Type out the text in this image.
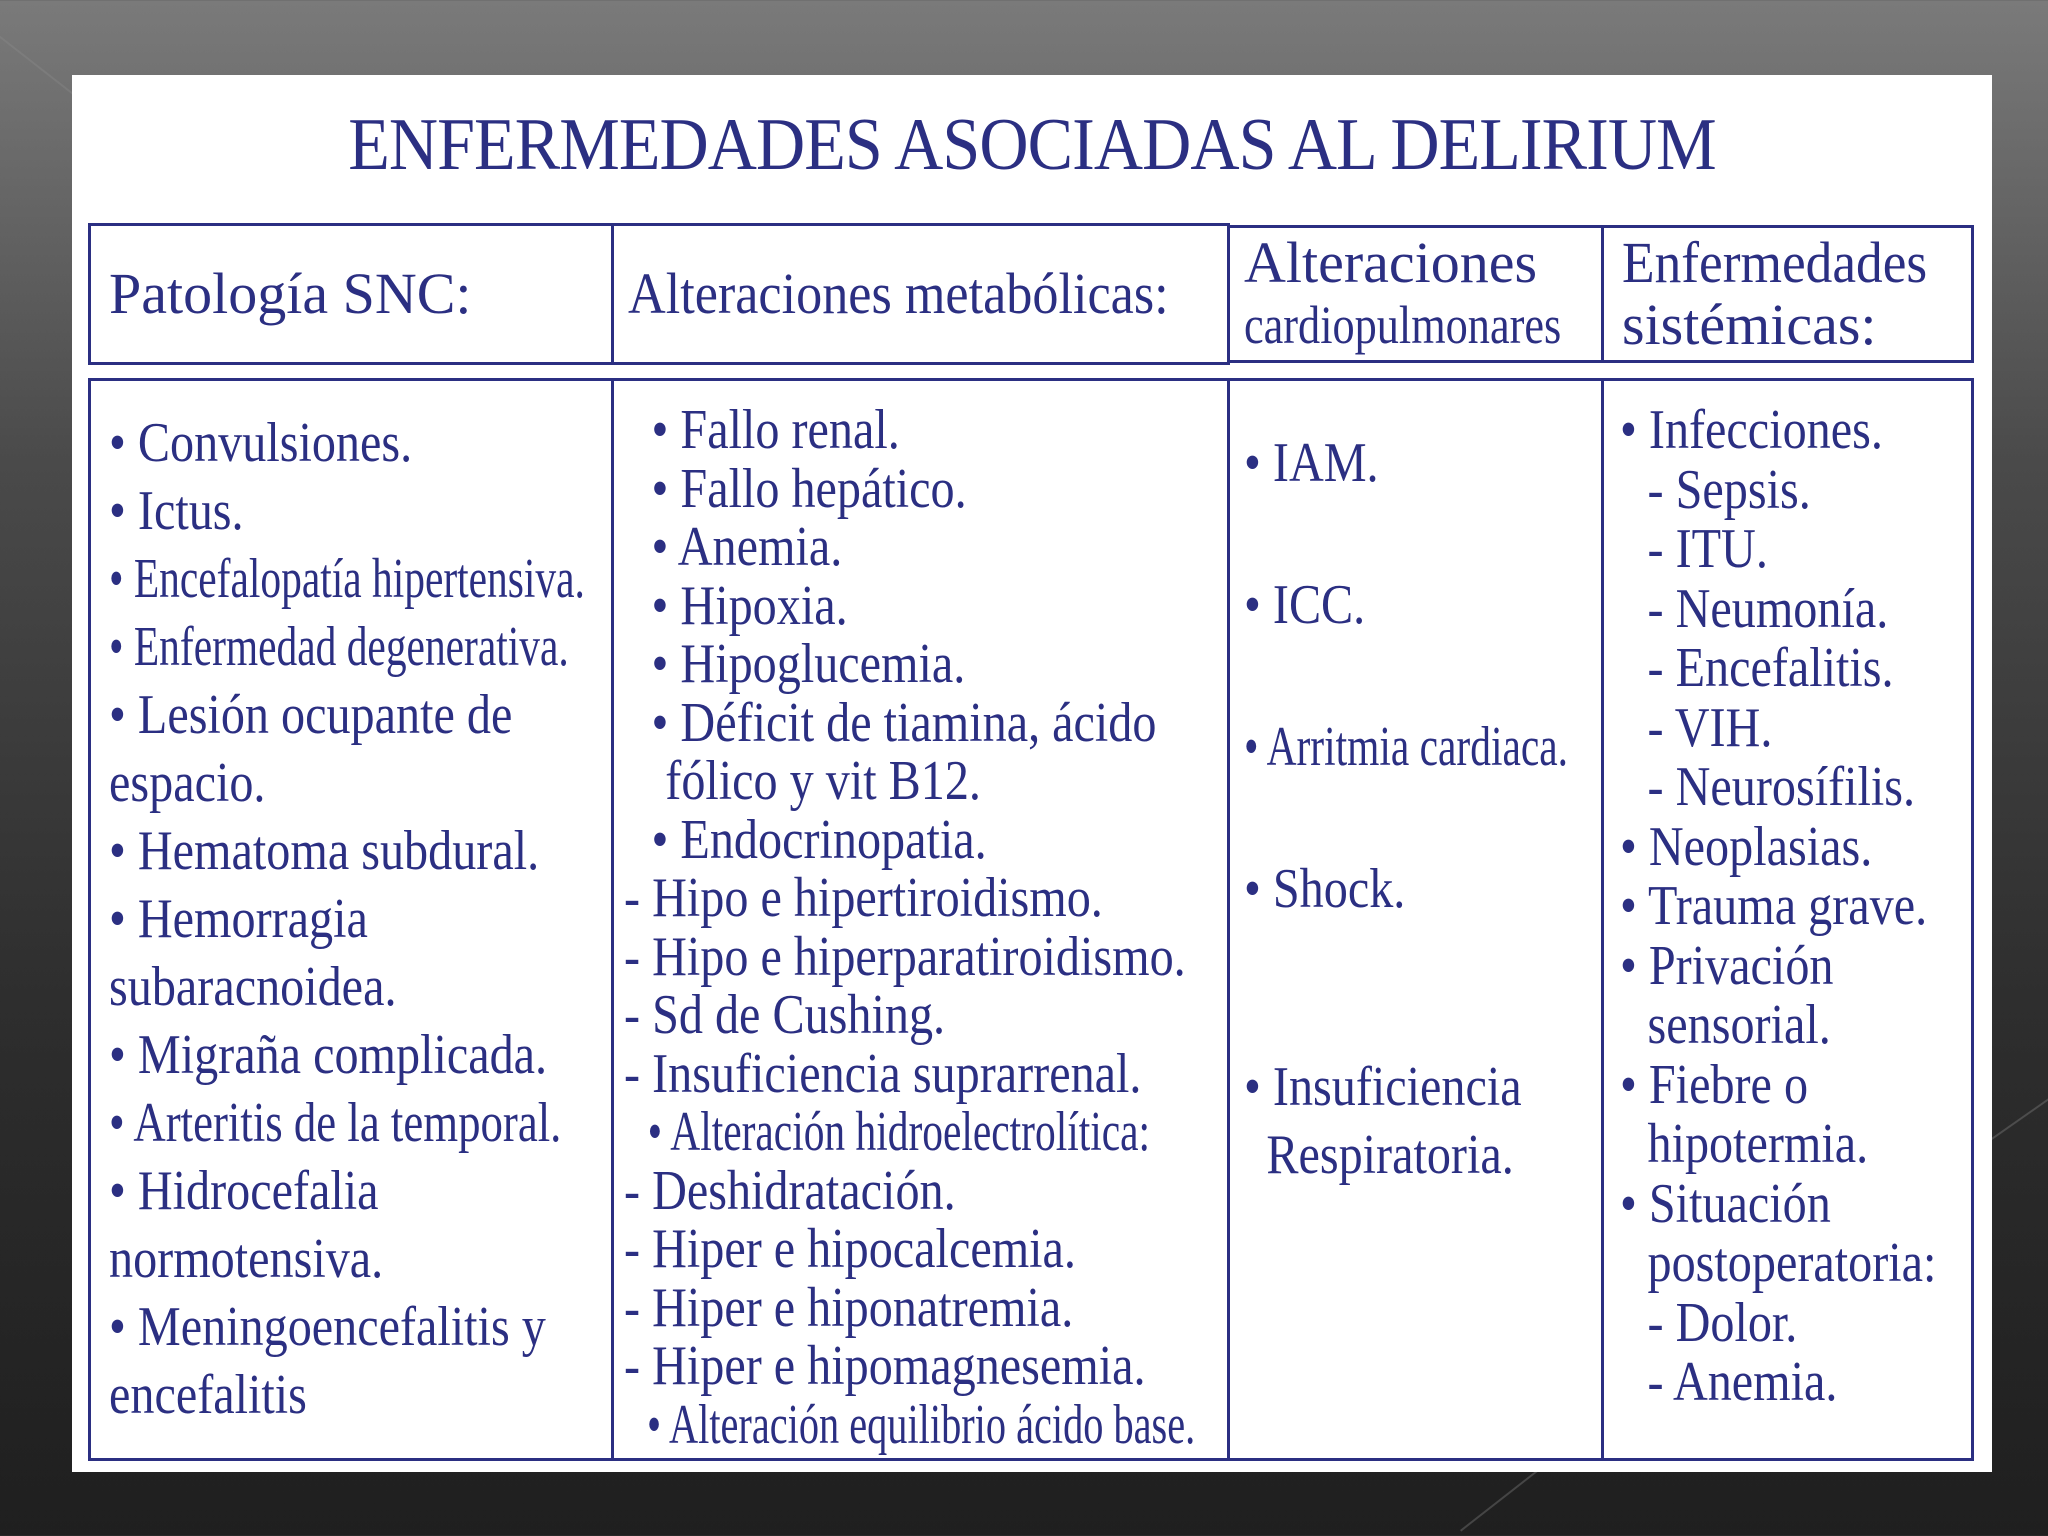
ENFERMEDADES ASOCIADAS AL DELIRIUM
Patología SNC:	Alteraciones metabólicas: Alteraciones
cardiopulmonares
Enfermedades
sistémicas:
• Convulsiones.
• Ictus.
• Encefalopatía hipertensiva.
• Enfermedad degenerativa.
• Lesión ocupante de
espacio.
• Hematoma subdural.
• Hemorragia
subaracnoidea.
• Migraña complicada.
• Arteritis de la temporal.
• Hidrocefalia
normotensiva.
• Meningoencefalitis y
encefalitis
• Fallo renal.
• Fallo hepático.
• Anemia.
• Hipoxia.
• Hipoglucemia.
• Déficit de tiamina, ácido
fólico y vit B12.
• Endocrinopatia.
- Hipo e hipertiroidismo.
- Hipo e hiperparatiroidismo.
- Sd de Cushing.
- Insuficiencia suprarrenal.
• Alteración hidroelectrolítica:
- Deshidratación.
- Hiper e hipocalcemia.
- Hiper e hiponatremia.
- Hiper e hipomagnesemia.
• Alteración equilibrio ácido base.
• IAM.
• ICC.
• Arritmia cardiaca.
• Shock.
• Insuficiencia
Respiratoria.
• Infecciones.
- Sepsis.
- ITU.
- Neumonía.
- Encefalitis.
- VIH.
- Neurosífilis.
• Neoplasias.
• Trauma grave.
• Privación
sensorial.
• Fiebre o
hipotermia.
• Situación
postoperatoria:
- Dolor.
- Anemia.
